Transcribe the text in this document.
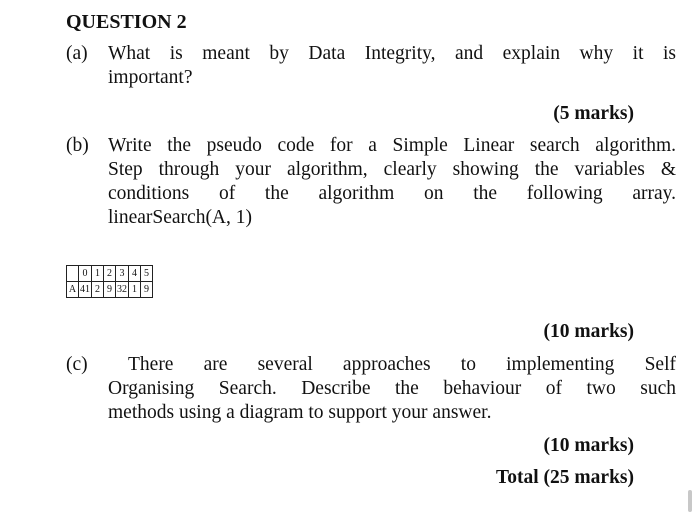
QUESTION 2
(a) What is meant by Data Integrity, and explain why it is
important?
(5 marks)
(b) Write the pseudo code for a Simple Linear search algorithm.
Step through your algorithm, clearly showing the variables &
conditions of the algorithm on the following array.
linearSearch(A, 1)
	0	1	2	3	4	5
A	41	2	9	32	1	9
(10 marks)
(c)	There are several approaches to implementing Self
Organising Search. Describe the behaviour of two such
methods using a diagram to support your answer.
(10 marks)
Total (25 marks)
